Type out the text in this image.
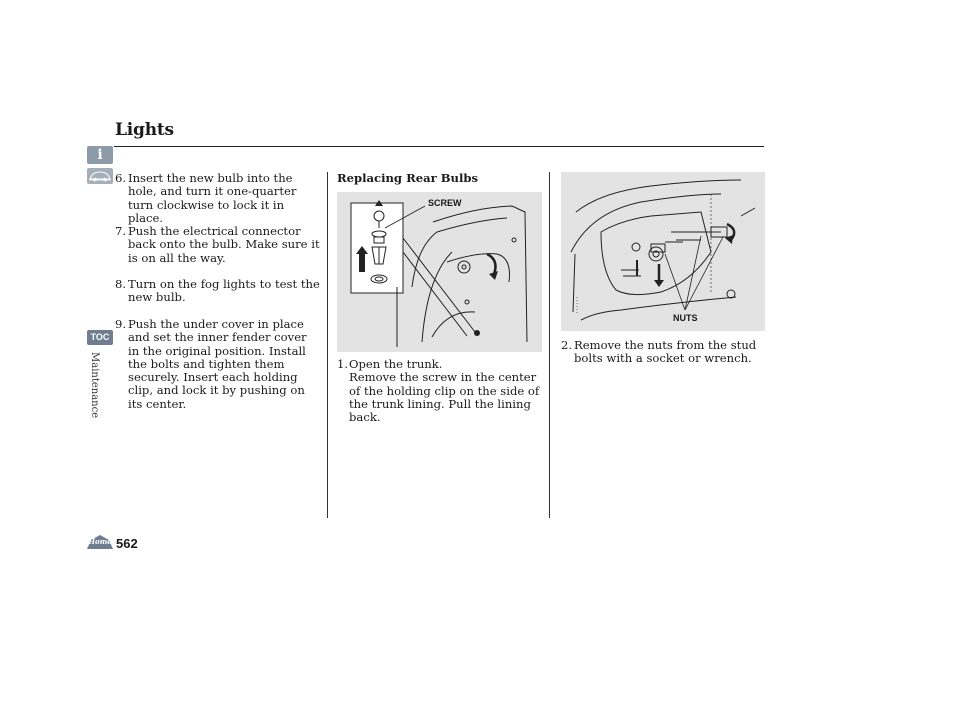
Lights
i
TOC
Maintenance
6. Insert the new bulb into the hole, and turn it one-quarter turn clockwise to lock it in place.
7. Push the electrical connector back onto the bulb. Make sure it is on all the way.
8. Turn on the fog lights to test the new bulb.
9. Push the under cover in place and set the inner fender cover in the original position. Install the bolts and tighten them securely. Insert each holding clip, and lock it by pushing on its center.
Replacing Rear Bulbs
SCREW
1. Open the trunk.
Remove the screw in the center of the holding clip on the side of the trunk lining. Pull the lining back.
NUTS
2. Remove the nuts from the stud bolts with a socket or wrench.
Home 562
